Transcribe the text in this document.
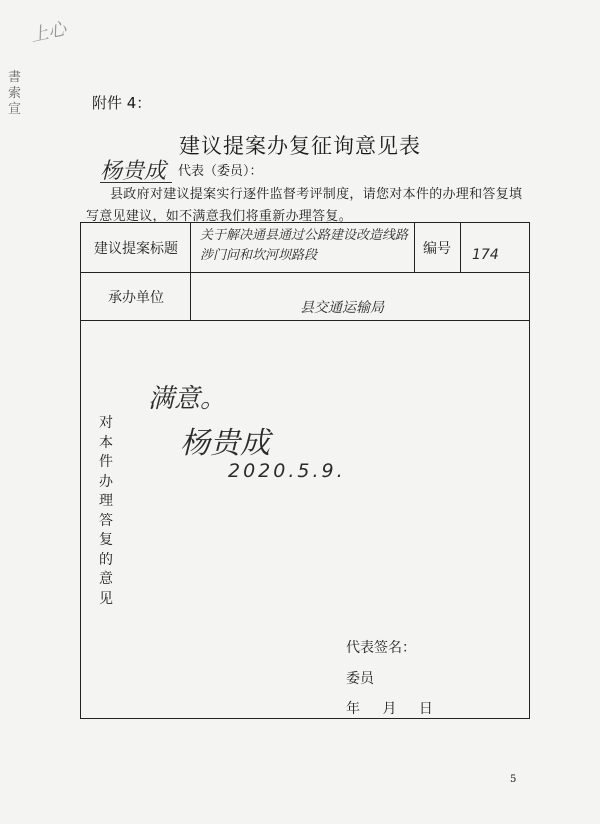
書 索 宣
上心
附件 4：
建议提案办复征询意见表
杨贵成 代表（委员）：
县政府对建议提案实行逐件监督考评制度，请您对本件的办理和答复填写意见建议，如不满意我们将重新办理答复。
建议提案标题
关于解决通县通过公路建设改造线路涉门问和坎河坝路段	编号	174
承办单位
县交通运输局
对本件办理答复的意见
满意。
杨贵成
2020.5.9.
代表签名：
委员
年 月 日
5
